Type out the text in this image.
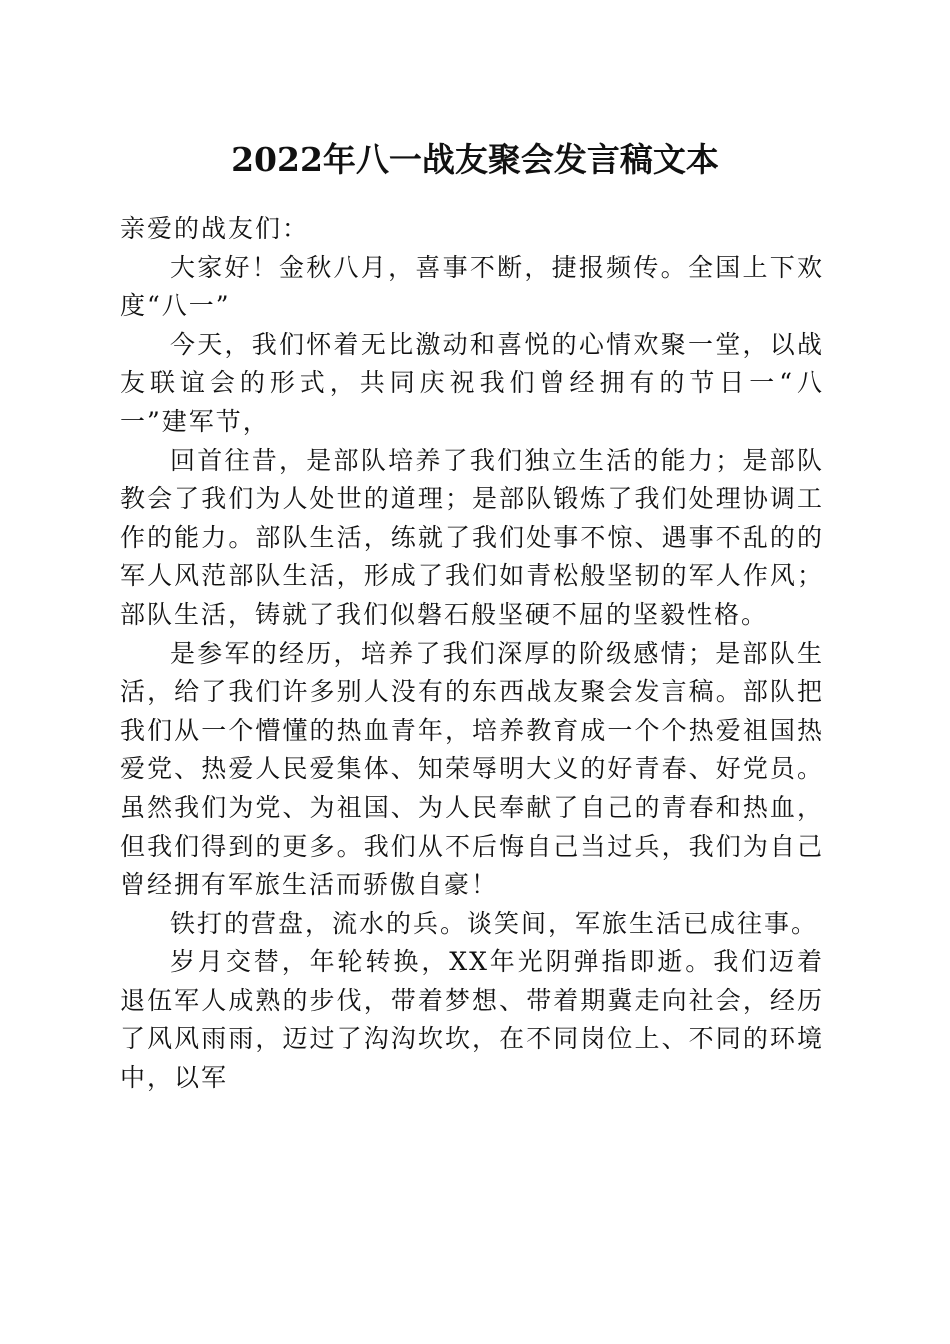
2022年八一战友聚会发言稿文本

亲爱的战友们：

大家好！金秋八月，喜事不断，捷报频传。全国上下欢度“八一”

今天，我们怀着无比激动和喜悦的心情欢聚一堂，以战友联谊会的形式，共同庆祝我们曾经拥有的节日一“八一”建军节，

回首往昔，是部队培养了我们独立生活的能力；是部队教会了我们为人处世的道理；是部队锻炼了我们处理协调工作的能力。部队生活，练就了我们处事不惊、遇事不乱的的军人风范部队生活，形成了我们如青松般坚韧的军人作风；部队生活，铸就了我们似磐石般坚硬不屈的坚毅性格。

是参军的经历，培养了我们深厚的阶级感情；是部队生活，给了我们许多别人没有的东西战友聚会发言稿。部队把我们从一个懵懂的热血青年，培养教育成一个个热爱祖国热爱党、热爱人民爱集体、知荣辱明大义的好青春、好党员。虽然我们为党、为祖国、为人民奉献了自己的青春和热血，但我们得到的更多。我们从不后悔自己当过兵，我们为自己曾经拥有军旅生活而骄傲自豪！

铁打的营盘，流水的兵。谈笑间，军旅生活已成往事。

岁月交替，年轮转换，XX年光阴弹指即逝。我们迈着退伍军人成熟的步伐，带着梦想、带着期冀走向社会，经历了风风雨雨，迈过了沟沟坎坎，在不同岗位上、不同的环境中，以军
